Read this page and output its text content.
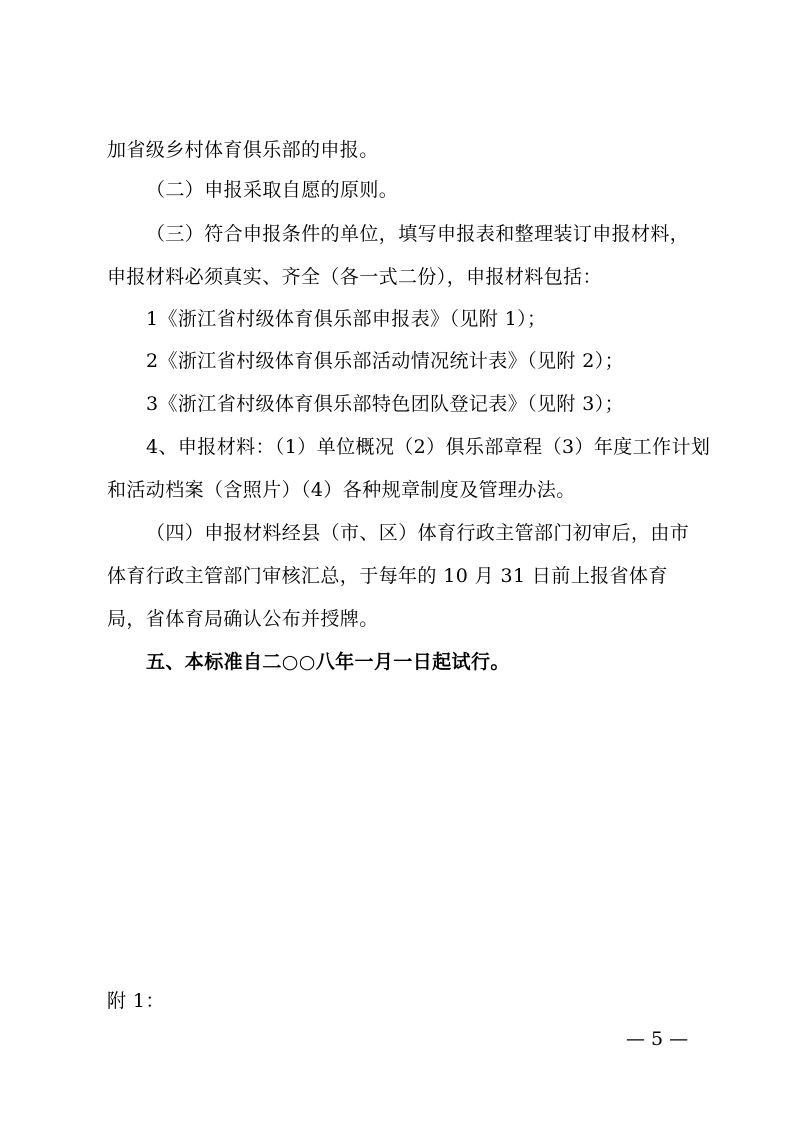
加省级乡村体育俱乐部的申报。
（二）申报采取自愿的原则。
（三）符合申报条件的单位，填写申报表和整理装订申报材料，
申报材料必须真实、齐全（各一式二份），申报材料包括：
1《浙江省村级体育俱乐部申报表》（见附 1）；
2《浙江省村级体育俱乐部活动情况统计表》（见附 2）；
3《浙江省村级体育俱乐部特色团队登记表》（见附 3）；
4、申报材料：（1）单位概况（2）俱乐部章程（3）年度工作计划
和活动档案（含照片）（4）各种规章制度及管理办法。
（四）申报材料经县（市、区）体育行政主管部门初审后，由市
体育行政主管部门审核汇总，于每年的 10 月 31 日前上报省体育
局，省体育局确认公布并授牌。
五、本标准自二○○八年一月一日起试行。
附 1：
— 5 —
